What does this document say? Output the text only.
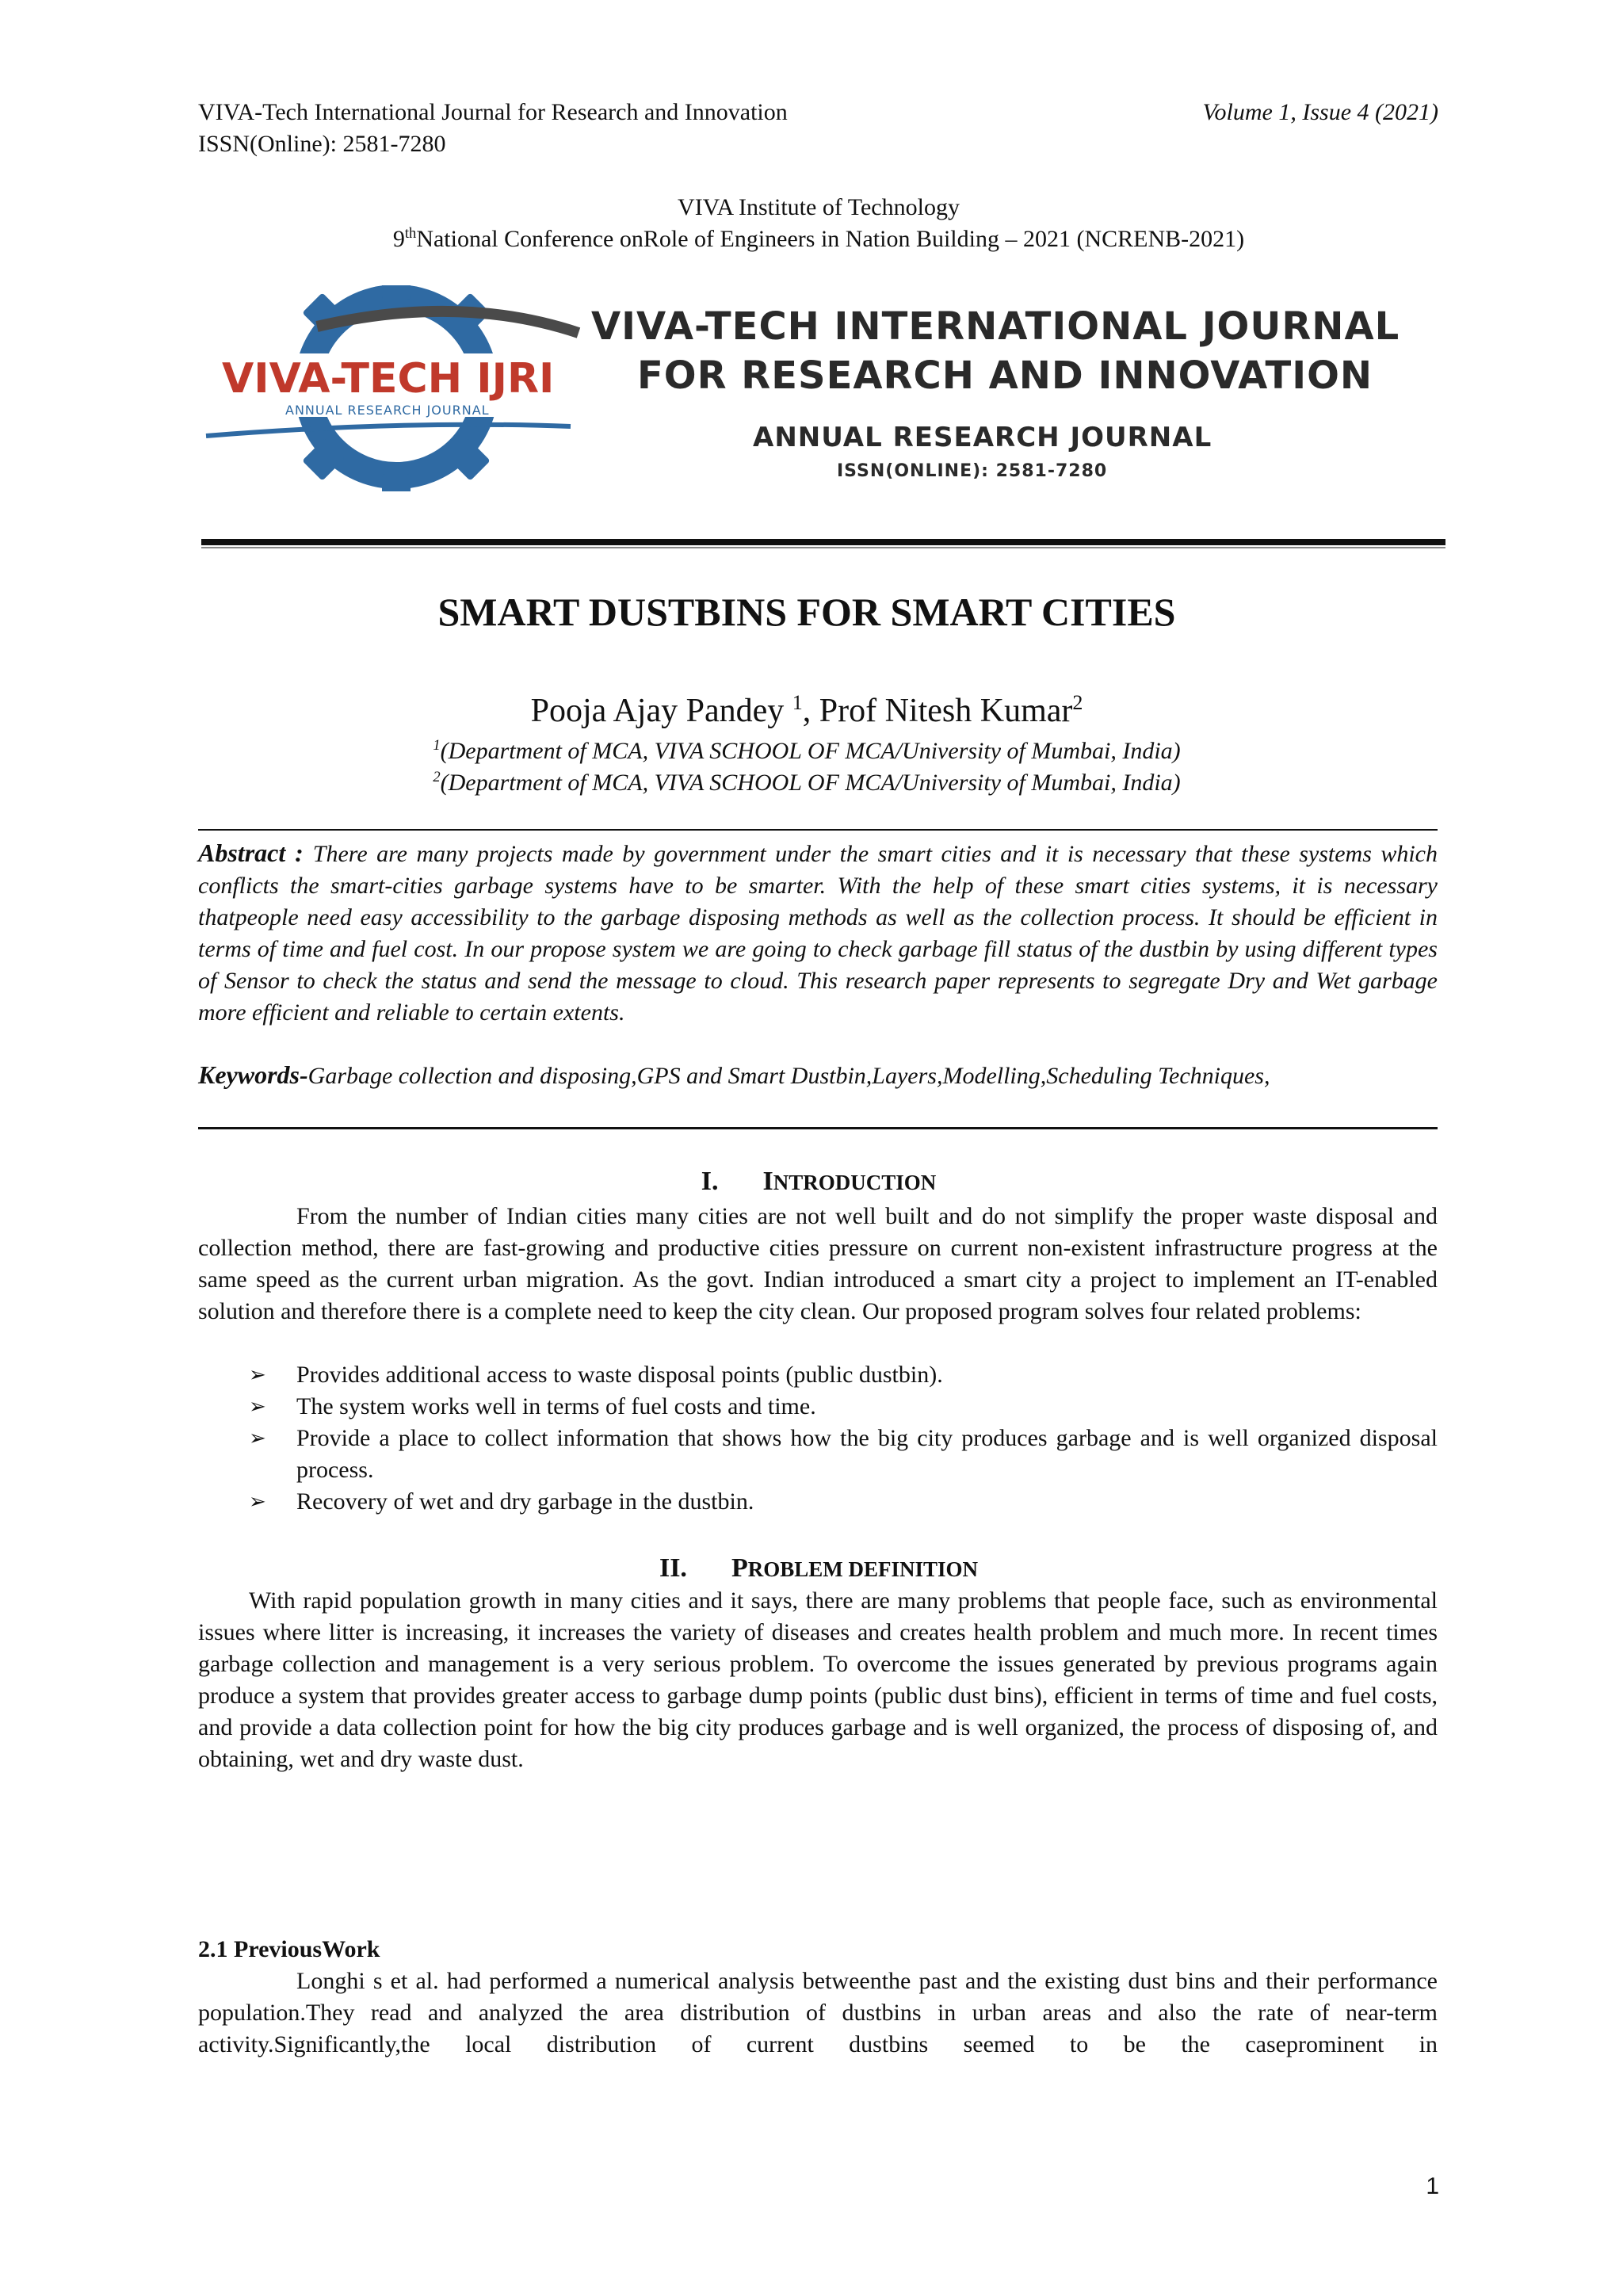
VIVA-Tech International Journal for Research and Innovation	Volume 1, Issue 4 (2021)
ISSN(Online): 2581-7280
VIVA Institute of Technology
9thNational Conference onRole of Engineers in Nation Building – 2021 (NCRENB-2021)
VIVA-TECH IJRI
ANNUAL RESEARCH JOURNAL
VIVA-TECH INTERNATIONAL JOURNAL
FOR RESEARCH AND INNOVATION
ANNUAL RESEARCH JOURNAL
ISSN(ONLINE): 2581-7280
SMART DUSTBINS FOR SMART CITIES
Pooja Ajay Pandey $^1$, Prof Nitesh Kumar$^2$
$^1$(Department of MCA, VIVA SCHOOL OF MCA/University of Mumbai, India)
$^2$(Department of MCA, VIVA SCHOOL OF MCA/University of Mumbai, India)
Abstract : There are many projects made by government under the smart cities and it is necessary that these systems which conflicts the smart-cities garbage systems have to be smarter. With the help of these smart cities systems, it is necessary thatpeople need easy accessibility to the garbage disposing methods as well as the collection process. It should be efficient in terms of time and fuel cost. In our propose system we are going to check garbage fill status of the dustbin by using different types of Sensor to check the status and send the message to cloud. This research paper represents to segregate Dry and Wet garbage more efficient and reliable to certain extents.
Keywords-Garbage collection and disposing,GPS and Smart Dustbin,Layers,Modelling,Scheduling Techniques,
I. INTRODUCTION
From the number of Indian cities many cities are not well built and do not simplify the proper waste disposal and collection method, there are fast-growing and productive cities pressure on current non-existent infrastructure progress at the same speed as the current urban migration. As the govt. Indian introduced a smart city a project to implement an IT-enabled solution and therefore there is a complete need to keep the city clean. Our proposed program solves four related problems:
➢ Provides additional access to waste disposal points (public dustbin).
➢ The system works well in terms of fuel costs and time.
➢ Provide a place to collect information that shows how the big city produces garbage and is well organized disposal process.
➢ Recovery of wet and dry garbage in the dustbin.
II. PROBLEM DEFINITION
With rapid population growth in many cities and it says, there are many problems that people face, such as environmental issues where litter is increasing, it increases the variety of diseases and creates health problem and much more. In recent times garbage collection and management is a very serious problem. To overcome the issues generated by previous programs again produce a system that provides greater access to garbage dump points (public dust bins), efficient in terms of time and fuel costs, and provide a data collection point for how the big city produces garbage and is well organized, the process of disposing of, and obtaining, wet and dry waste dust.
2.1 PreviousWork
Longhi s et al. had performed a numerical analysis betweenthe past and the existing dust bins and their performance population.They read and analyzed the area distribution of dustbins in urban areas and also the rate of near-term activity.Significantly,the local distribution of current dustbins seemed to be the caseprominent in
1
